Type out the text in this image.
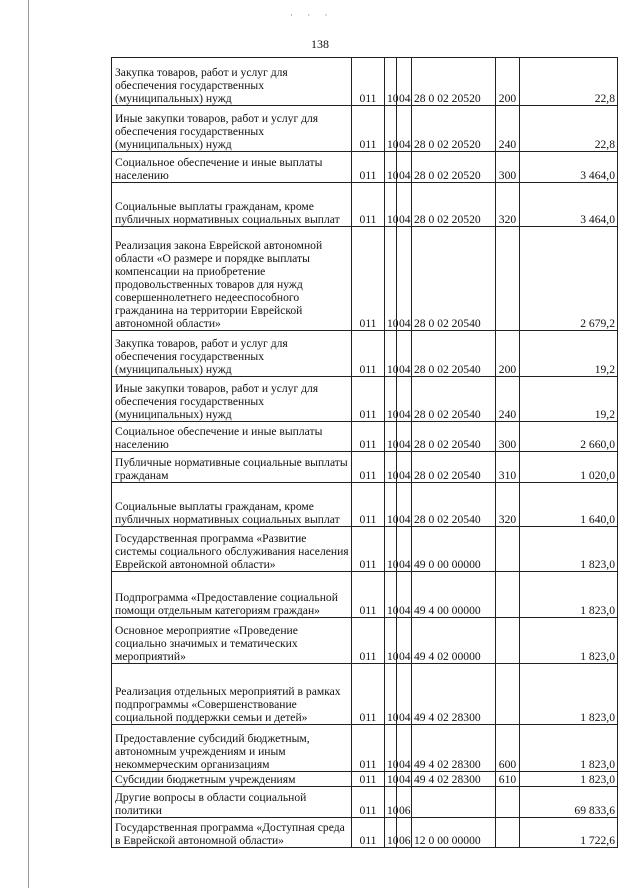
· · ·
138
Закупка товаров, работ и услуг для обеспечения государственных (муниципальных) нужд	011	10	04	28 0 02 20520	200	22,8
Иные закупки товаров, работ и услуг для обеспечения государственных (муниципальных) нужд	011	10	04	28 0 02 20520	240	22,8
Социальное обеспечение и иные выплаты населению	011	10	04	28 0 02 20520	300	3 464,0
Социальные выплаты гражданам, кроме публичных нормативных социальных выплат	011	10	04	28 0 02 20520	320	3 464,0
Реализация закона Еврейской автономной области «О размере и порядке выплаты компенсации на приобретение продовольственных товаров для нужд совершеннолетнего недееспособного гражданина на территории Еврейской автономной области»	011	10	04	28 0 02 20540		2 679,2
Закупка товаров, работ и услуг для обеспечения государственных (муниципальных) нужд	011	10	04	28 0 02 20540	200	19,2
Иные закупки товаров, работ и услуг для обеспечения государственных (муниципальных) нужд	011	10	04	28 0 02 20540	240	19,2
Социальное обеспечение и иные выплаты населению	011	10	04	28 0 02 20540	300	2 660,0
Публичные нормативные социальные выплаты гражданам	011	10	04	28 0 02 20540	310	1 020,0
Социальные выплаты гражданам, кроме публичных нормативных социальных выплат	011	10	04	28 0 02 20540	320	1 640,0
Государственная программа «Развитие системы социального обслуживания населения Еврейской автономной области»	011	10	04	49 0 00 00000		1 823,0
Подпрограмма «Предоставление социальной помощи отдельным категориям граждан»	011	10	04	49 4 00 00000		1 823,0
Основное мероприятие «Проведение социально значимых и тематических мероприятий»	011	10	04	49 4 02 00000		1 823,0
Реализация отдельных мероприятий в рамках подпрограммы «Совершенствование социальной поддержки семьи и детей»	011	10	04	49 4 02 28300		1 823,0
Предоставление субсидий бюджетным, автономным учреждениям и иным некоммерческим организациям	011	10	04	49 4 02 28300	600	1 823,0
Субсидии бюджетным учреждениям	011	10	04	49 4 02 28300	610	1 823,0
Другие вопросы в области социальной политики	011	10	06			69 833,6
Государственная программа «Доступная среда в Еврейской автономной области»	011	10	06	12 0 00 00000		1 722,6
